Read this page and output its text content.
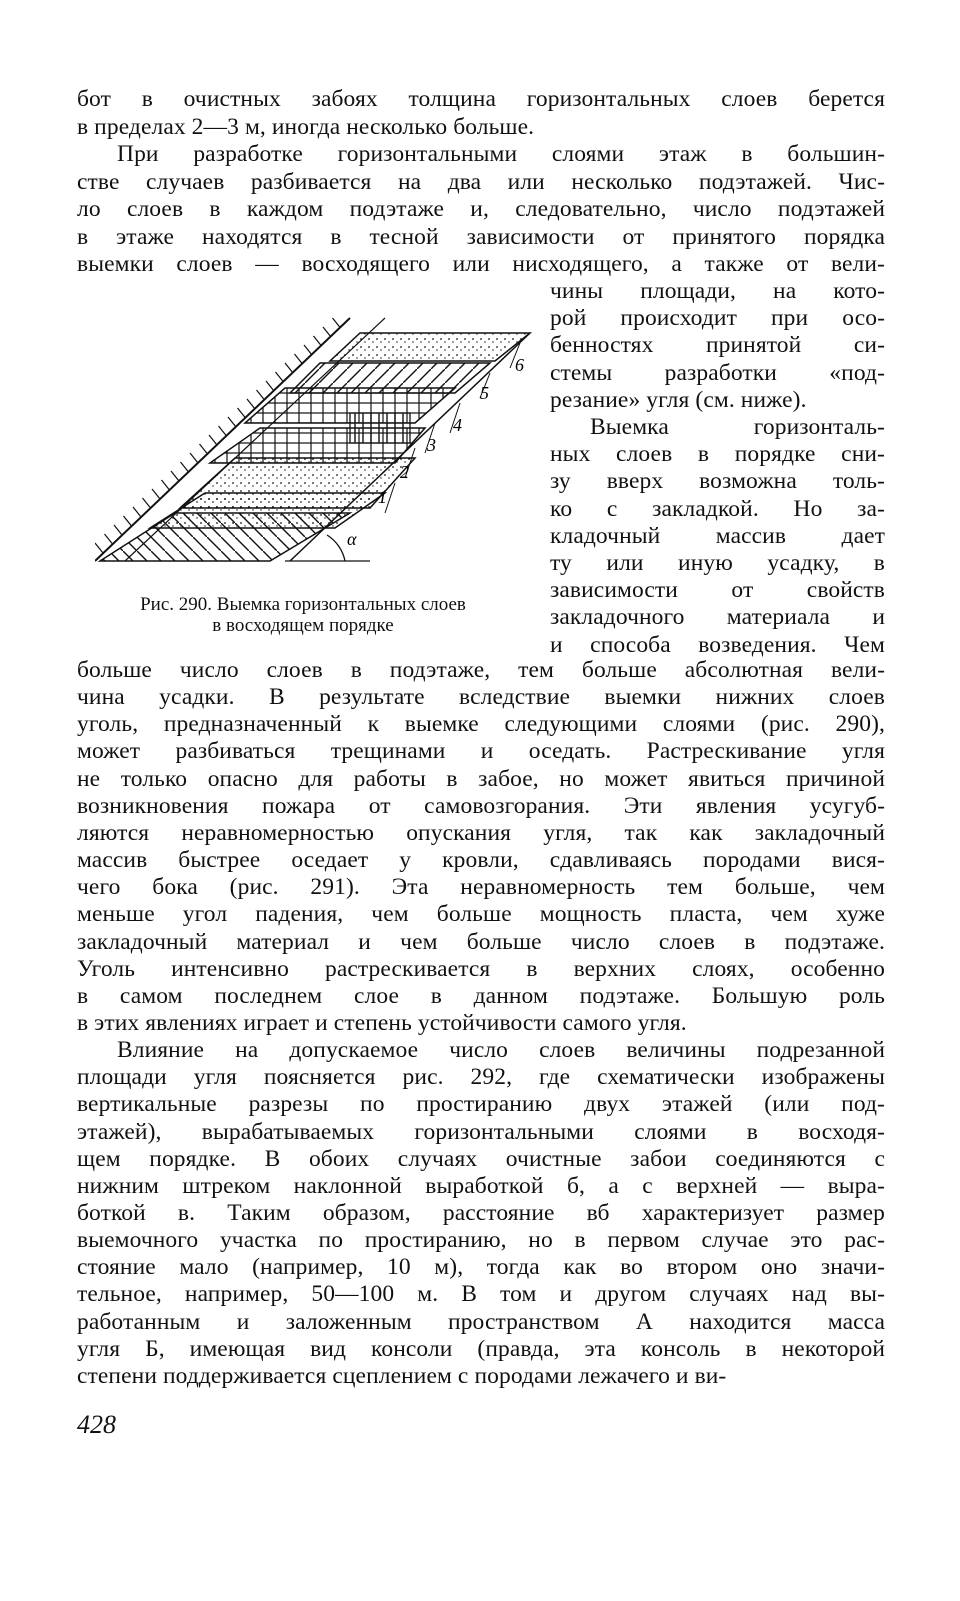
бот в очистных забоях толщина горизонтальных слоев берется
в пределах 2—3 м, иногда несколько больше.
При разработке горизонтальными слоями этаж в большин-
стве случаев разбивается на два или несколько подэтажей. Чис-
ло слоев в каждом подэтаже и, следовательно, число подэтажей
в этаже находятся в тесной зависимости от принятого порядка
выемки слоев — восходящего или нисходящего, а также от вели-
1
2
3
4
5
6
α
Рис. 290. Выемка горизонтальных слоев
в восходящем порядке
чины площади, на кото-
рой происходит при осо-
бенностях принятой си-
стемы разработки «под-
резание» угля (см. ниже).
Выемка горизонталь-
ных слоев в порядке сни-
зу вверх возможна толь-
ко с закладкой. Но за-
кладочный массив дает
ту или иную усадку, в
зависимости от свойств
закладочного материала и
и способа возведения. Чем
больше число слоев в подэтаже, тем больше абсолютная вели-
чина усадки. В результате вследствие выемки нижних слоев
уголь, предназначенный к выемке следующими слоями (рис. 290),
может разбиваться трещинами и оседать. Растрескивание угля
не только опасно для работы в забое, но может явиться причиной
возникновения пожара от самовозгорания. Эти явления усугуб-
ляются неравномерностью опускания угля, так как закладочный
массив быстрее оседает у кровли, сдавливаясь породами вися-
чего бока (рис. 291). Эта неравномерность тем больше, чем
меньше угол падения, чем больше мощность пласта, чем хуже
закладочный материал и чем больше число слоев в подэтаже.
Уголь интенсивно растрескивается в верхних слоях, особенно
в самом последнем слое в данном подэтаже. Большую роль
в этих явлениях играет и степень устойчивости самого угля.
Влияние на допускаемое число слоев величины подрезанной
площади угля поясняется рис. 292, где схематически изображены
вертикальные разрезы по простиранию двух этажей (или под-
этажей), вырабатываемых горизонтальными слоями в восходя-
щем порядке. В обоих случаях очистные забои соединяются с
нижним штреком наклонной выработкой б, а с верхней — выра-
боткой в. Таким образом, расстояние вб характеризует размер
выемочного участка по простиранию, но в первом случае это рас-
стояние мало (например, 10 м), тогда как во втором оно значи-
тельное, например, 50—100 м. В том и другом случаях над вы-
работанным и заложенным пространством А находится масса
угля Б, имеющая вид консоли (правда, эта консоль в некоторой
степени поддерживается сцеплением с породами лежачего и ви-
428
